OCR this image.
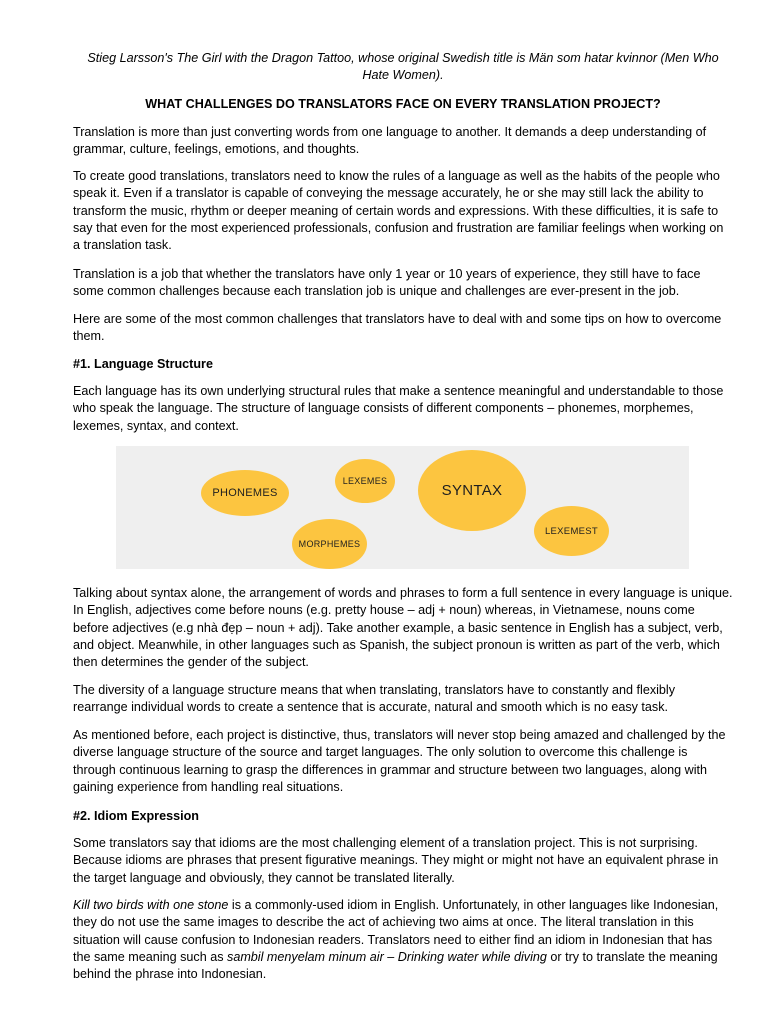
Stieg Larsson's The Girl with the Dragon Tattoo, whose original Swedish title is Män som hatar kvinnor (Men Who Hate Women).

WHAT CHALLENGES DO TRANSLATORS FACE ON EVERY TRANSLATION PROJECT?

Translation is more than just converting words from one language to another. It demands a deep understanding of grammar, culture, feelings, emotions, and thoughts.

To create good translations, translators need to know the rules of a language as well as the habits of the people who speak it. Even if a translator is capable of conveying the message accurately, he or she may still lack the ability to transform the music, rhythm or deeper meaning of certain words and expressions. With these difficulties, it is safe to say that even for the most experienced professionals, confusion and frustration are familiar feelings when working on a translation task.

Translation is a job that whether the translators have only 1 year or 10 years of experience, they still have to face some common challenges because each translation job is unique and challenges are ever-present in the job.

Here are some of the most common challenges that translators have to deal with and some tips on how to overcome them.

#1. Language Structure

Each language has its own underlying structural rules that make a sentence meaningful and understandable to those who speak the language. The structure of language consists of different components – phonemes, morphemes, lexemes, syntax, and context.

PHONEMES
LEXEMES
SYNTAX
MORPHEMES
LEXEMEST

Talking about syntax alone, the arrangement of words and phrases to form a full sentence in every language is unique. In English, adjectives come before nouns (e.g. pretty house – adj + noun) whereas, in Vietnamese, nouns come before adjectives (e.g nhà đẹp – noun + adj). Take another example, a basic sentence in English has a subject, verb, and object. Meanwhile, in other languages such as Spanish, the subject pronoun is written as part of the verb, which then determines the gender of the subject.

The diversity of a language structure means that when translating, translators have to constantly and flexibly rearrange individual words to create a sentence that is accurate, natural and smooth which is no easy task.

As mentioned before, each project is distinctive, thus, translators will never stop being amazed and challenged by the diverse language structure of the source and target languages. The only solution to overcome this challenge is through continuous learning to grasp the differences in grammar and structure between two languages, along with gaining experience from handling real situations.

#2. Idiom Expression

Some translators say that idioms are the most challenging element of a translation project. This is not surprising. Because idioms are phrases that present figurative meanings. They might or might not have an equivalent phrase in the target language and obviously, they cannot be translated literally.

Kill two birds with one stone is a commonly-used idiom in English. Unfortunately, in other languages like Indonesian, they do not use the same images to describe the act of achieving two aims at once. The literal translation in this situation will cause confusion to Indonesian readers. Translators need to either find an idiom in Indonesian that has the same meaning such as sambil menyelam minum air – Drinking water while diving or try to translate the meaning behind the phrase into Indonesian.
